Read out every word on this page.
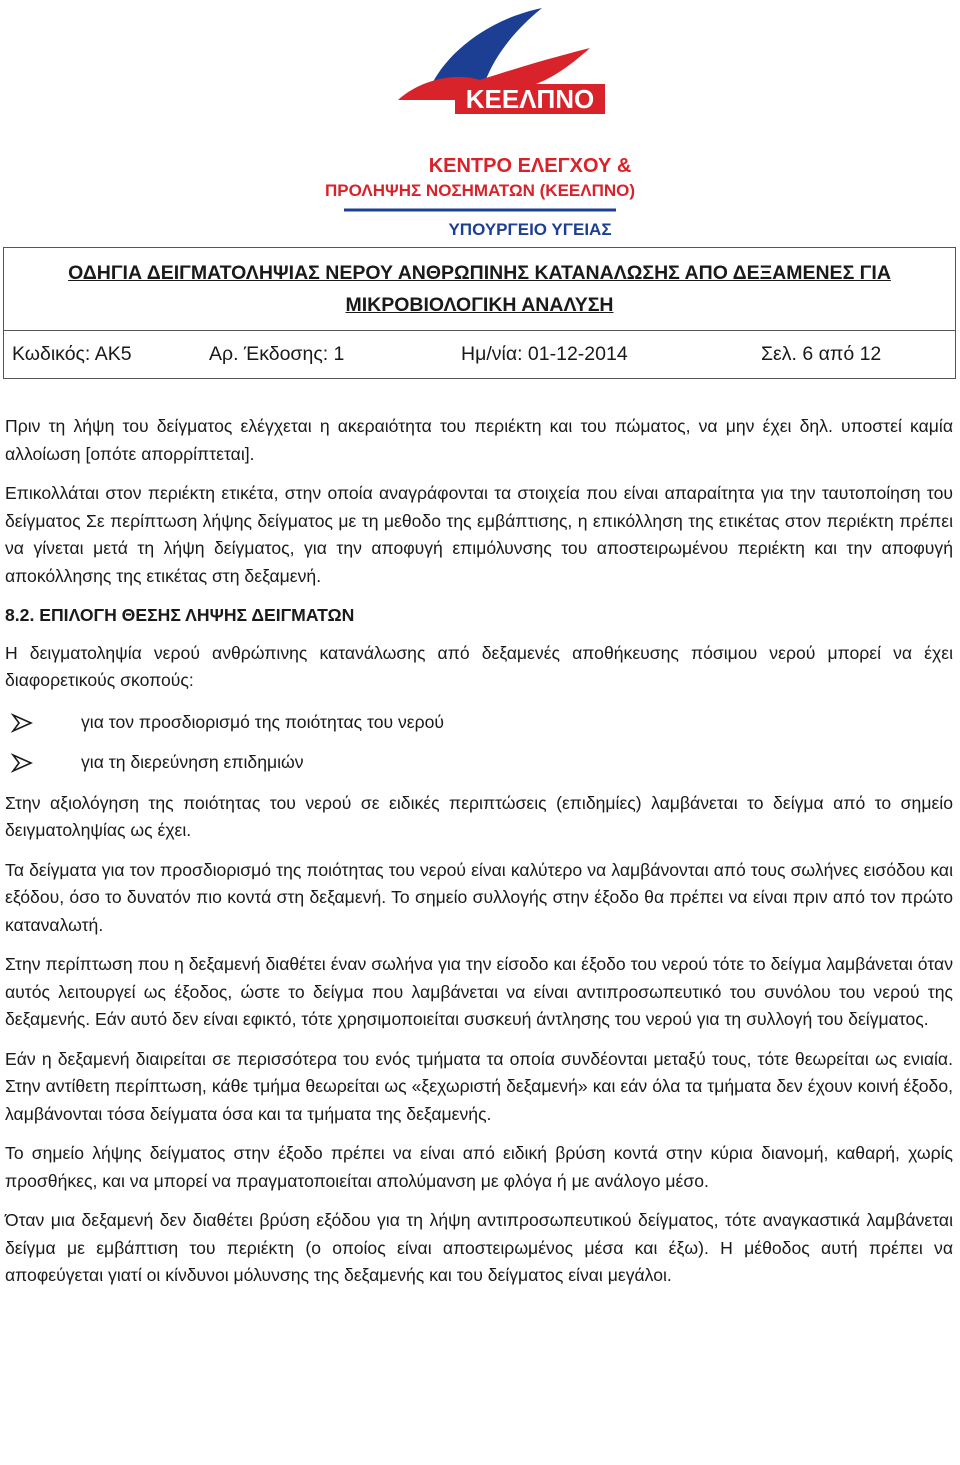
ΚΕΕΛΠΝΟ
ΚΕΝΤΡΟ ΕΛΕΓΧΟΥ &
ΠΡΟΛΗΨΗΣ ΝΟΣΗΜΑΤΩΝ (ΚΕΕΛΠΝΟ)
ΥΠΟΥΡΓΕΙΟ ΥΓΕΙΑΣ
ΟΔΗΓΙΑ ΔΕΙΓΜΑΤΟΛΗΨΙΑΣ ΝΕΡΟΥ ΑΝΘΡΩΠΙΝΗΣ ΚΑΤΑΝΑΛΩΣΗΣ ΑΠΟ ΔΕΞΑΜΕΝΕΣ ΓΙΑ
ΜΙΚΡΟΒΙΟΛΟΓΙΚΗ ΑΝΑΛΥΣΗ
Κωδικός: ΑΚ5	Αρ. Έκδοσης: 1	Ημ/νία: 01-12-2014	Σελ. 6 από 12

Πριν τη λήψη του δείγματος ελέγχεται η ακεραιότητα του περιέκτη και του πώματος, να μην έχει δηλ. υποστεί καμία αλλοίωση [οπότε απορρίπτεται].

Επικολλάται στον περιέκτη ετικέτα, στην οποία αναγράφονται τα στοιχεία που είναι απαραίτητα για την ταυτοποίηση του δείγματος Σε περίπτωση λήψης δείγματος με τη μεθοδο της εμβάπτισης, η επικόλληση της ετικέτας στον περιέκτη πρέπει να γίνεται μετά τη λήψη δείγματος, για την αποφυγή επιμόλυνσης του αποστειρωμένου περιέκτη και την αποφυγή αποκόλλησης της ετικέτας στη δεξαμενή.

8.2. ΕΠΙΛΟΓΗ ΘΕΣΗΣ ΛΗΨΗΣ ΔΕΙΓΜΑΤΩΝ

Η δειγματοληψία νερού ανθρώπινης κατανάλωσης από δεξαμενές αποθήκευσης πόσιμου νερού μπορεί να έχει διαφορετικούς σκοπούς:

για τον προσδιορισμό της ποιότητας του νερού
για τη διερεύνηση επιδημιών

Στην αξιολόγηση της ποιότητας του νερού σε ειδικές περιπτώσεις (επιδημίες) λαμβάνεται το δείγμα από το σημείο δειγματοληψίας ως έχει.

Τα δείγματα για τον προσδιορισμό της ποιότητας του νερού είναι καλύτερο να λαμβάνονται από τους σωλήνες εισόδου και εξόδου, όσο το δυνατόν πιο κοντά στη δεξαμενή. Το σημείο συλλογής στην έξοδο θα πρέπει να είναι πριν από τον πρώτο καταναλωτή.

Στην περίπτωση που η δεξαμενή διαθέτει έναν σωλήνα για την είσοδο και έξοδο του νερού τότε το δείγμα λαμβάνεται όταν αυτός λειτουργεί ως έξοδος, ώστε το δείγμα που λαμβάνεται να είναι αντιπροσωπευτικό του συνόλου του νερού της δεξαμενής. Εάν αυτό δεν είναι εφικτό, τότε χρησιμοποιείται συσκευή άντλησης του νερού για τη συλλογή του δείγματος.

Εάν η δεξαμενή διαιρείται σε περισσότερα του ενός τμήματα τα οποία συνδέονται μεταξύ τους, τότε θεωρείται ως ενιαία. Στην αντίθετη περίπτωση, κάθε τμήμα θεωρείται ως «ξεχωριστή δεξαμενή» και εάν όλα τα τμήματα δεν έχουν κοινή έξοδο, λαμβάνονται τόσα δείγματα όσα και τα τμήματα της δεξαμενής.

Το σημείο λήψης δείγματος στην έξοδο πρέπει να είναι από ειδική βρύση κοντά στην κύρια διανομή, καθαρή, χωρίς προσθήκες, και να μπορεί να πραγματοποιείται απολύμανση με φλόγα ή με ανάλογο μέσο.

Όταν μια δεξαμενή δεν διαθέτει βρύση εξόδου για τη λήψη αντιπροσωπευτικού δείγματος, τότε αναγκαστικά λαμβάνεται δείγμα με εμβάπτιση του περιέκτη (ο οποίος είναι αποστειρωμένος μέσα και έξω). Η μέθοδος αυτή πρέπει να αποφεύγεται γιατί οι κίνδυνοι μόλυνσης της δεξαμενής και του δείγματος είναι μεγάλοι.
